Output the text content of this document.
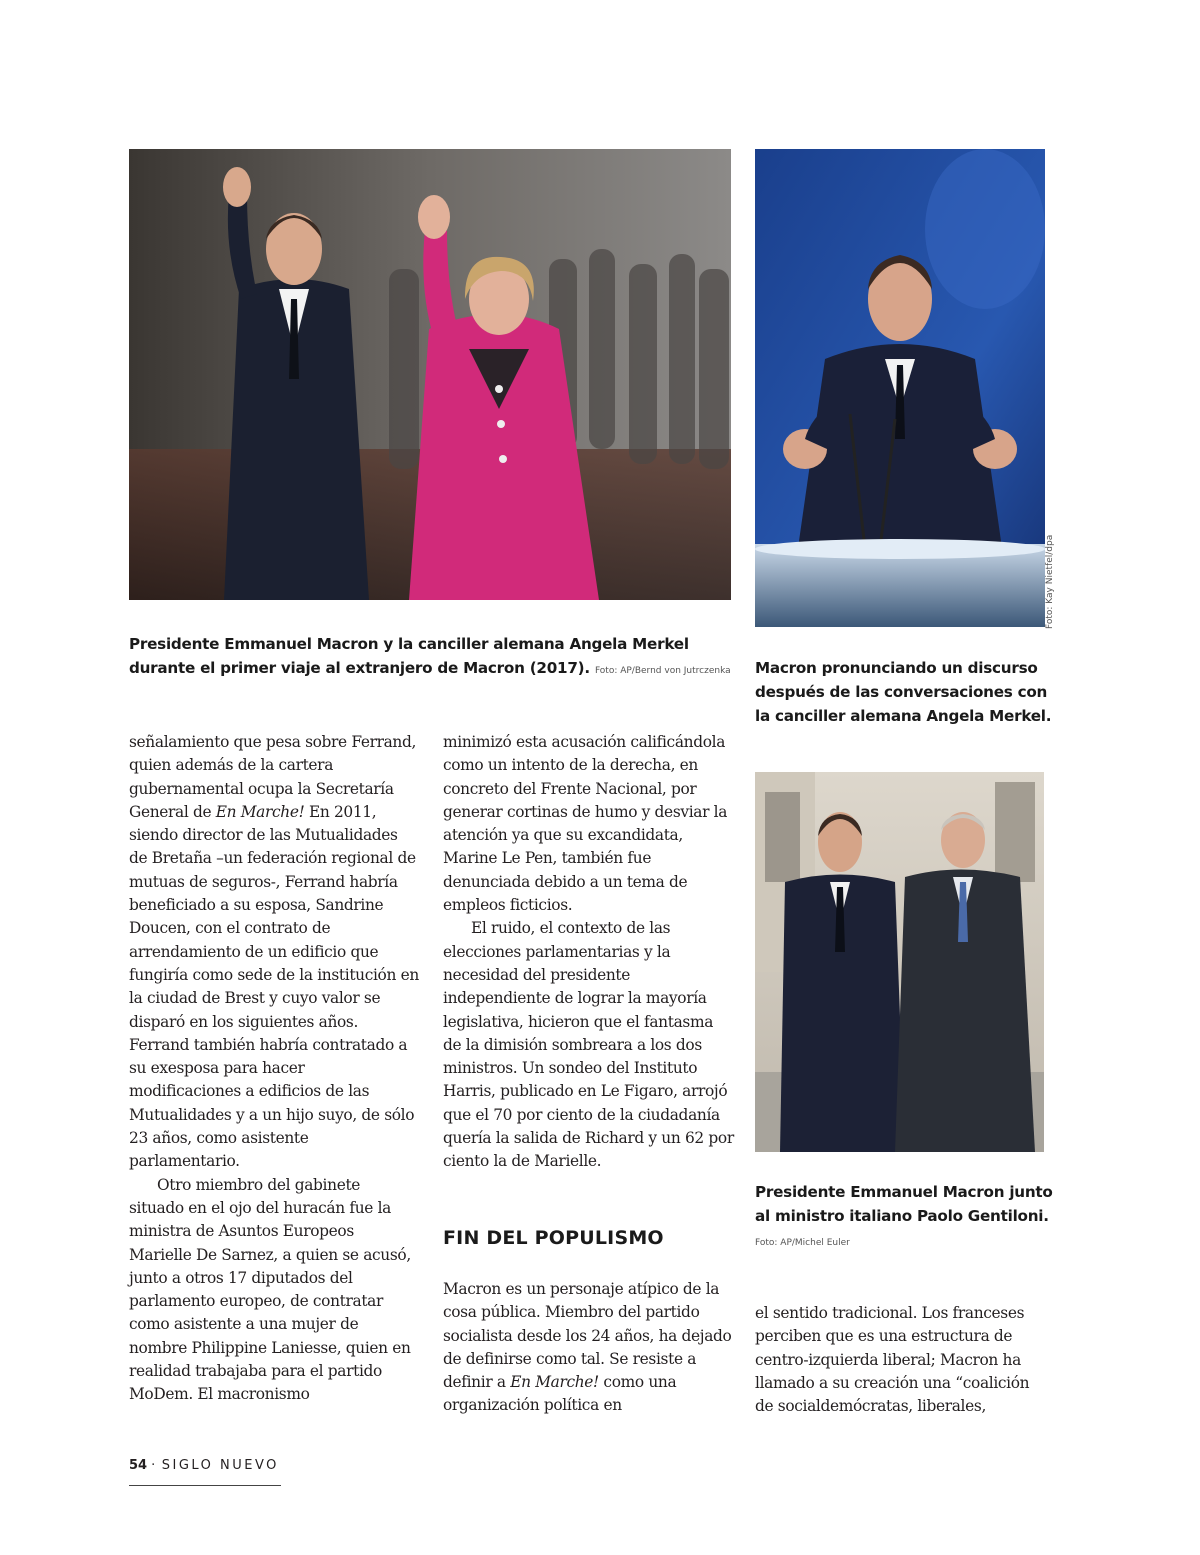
Foto: Kay Nietfel/dpa
Presidente Emmanuel Macron y la canciller alemana Angela Merkel durante el primer viaje al extranjero de Macron (2017). Foto: AP/Bernd von Jutrczenka	Macron pronunciando un discurso después de las conversaciones con la canciller alemana Angela Merkel.
Presidente Emmanuel Macron junto al ministro italiano Paolo Gentiloni. Foto: AP/Michel Euler

señalamiento que pesa sobre Ferrand, quien además de la cartera gubernamental ocupa la Secretaría General de En Marche! En 2011, siendo director de las Mutualidades de Bretaña –un federación regional de mutuas de seguros-, Ferrand habría beneficiado a su esposa, Sandrine Doucen, con el contrato de arrendamiento de un edificio que fungiría como sede de la institución en la ciudad de Brest y cuyo valor se disparó en los siguientes años. Ferrand también habría contratado a su exesposa para hacer modificaciones a edificios de las Mutualidades y a un hijo suyo, de sólo 23 años, como asistente parlamentario.

Otro miembro del gabinete situado en el ojo del huracán fue la ministra de Asuntos Europeos Marielle De Sarnez, a quien se acusó, junto a otros 17 diputados del parlamento europeo, de contratar como asistente a una mujer de nombre Philippine Laniesse, quien en realidad trabajaba para el partido MoDem. El macronismo

minimizó esta acusación calificándola como un intento de la derecha, en concreto del Frente Nacional, por generar cortinas de humo y desviar la atención ya que su excandidata, Marine Le Pen, también fue denunciada debido a un tema de empleos ficticios.

El ruido, el contexto de las elecciones parlamentarias y la necesidad del presidente independiente de lograr la mayoría legislativa, hicieron que el fantasma de la dimisión sombreara a los dos ministros. Un sondeo del Instituto Harris, publicado en Le Figaro, arrojó que el 70 por ciento de la ciudadanía quería la salida de Richard y un 62 por ciento la de Marielle.

FIN DEL POPULISMO

Macron es un personaje atípico de la cosa pública. Miembro del partido socialista desde los 24 años, ha dejado de definirse como tal. Se resiste a definir a En Marche! como una organización política en

el sentido tradicional. Los franceses perciben que es una estructura de centro-izquierda liberal; Macron ha llamado a su creación una “coalición de socialdemócratas, liberales,

54 · SIGLO NUEVO
